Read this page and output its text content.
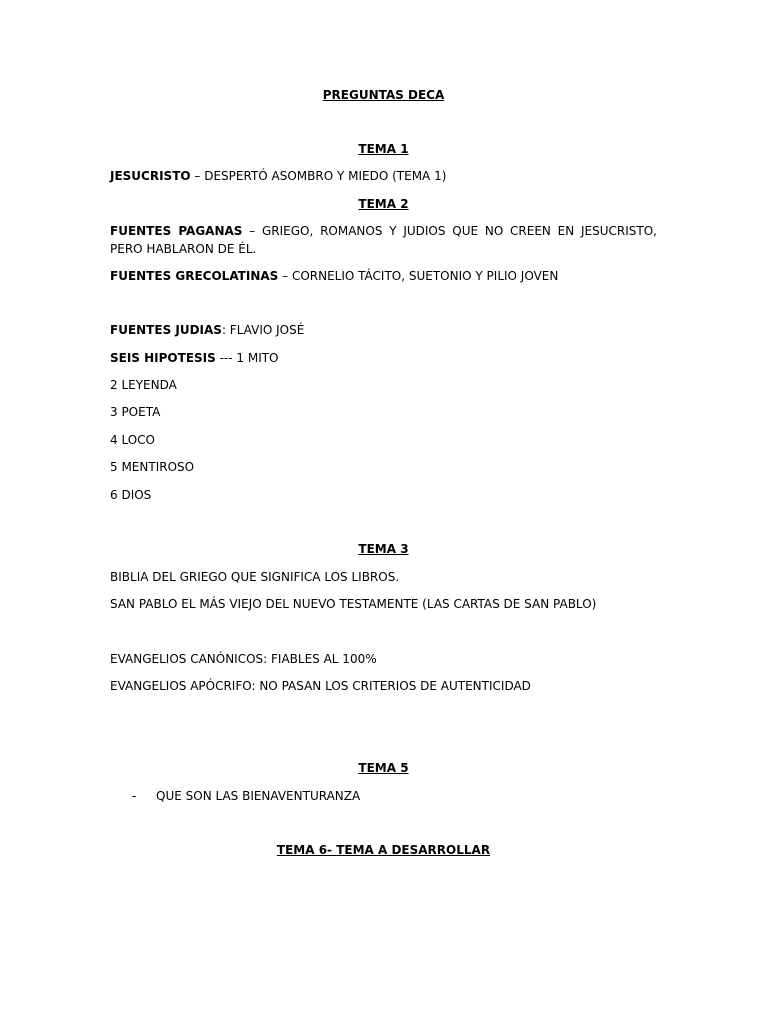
PREGUNTAS DECA
TEMA 1
JESUCRISTO – DESPERTÓ ASOMBRO Y MIEDO (TEMA 1)
TEMA 2
FUENTES PAGANAS – GRIEGO, ROMANOS Y JUDIOS QUE NO CREEN EN JESUCRISTO, PERO HABLARON DE ÉL.
FUENTES GRECOLATINAS – CORNELIO TÁCITO, SUETONIO Y PILIO JOVEN
FUENTES JUDIAS: FLAVIO JOSÉ
SEIS HIPOTESIS --- 1 MITO
2 LEYENDA
3 POETA
4 LOCO
5 MENTIROSO
6 DIOS
TEMA 3
BIBLIA DEL GRIEGO QUE SIGNIFICA LOS LIBROS.
SAN PABLO EL MÁS VIEJO DEL NUEVO TESTAMENTE (LAS CARTAS DE SAN PABLO)
EVANGELIOS CANÓNICOS: FIABLES AL 100%
EVANGELIOS APÓCRIFO: NO PASAN LOS CRITERIOS DE AUTENTICIDAD
TEMA 5
- QUE SON LAS BIENAVENTURANZA
TEMA 6- TEMA A DESARROLLAR
